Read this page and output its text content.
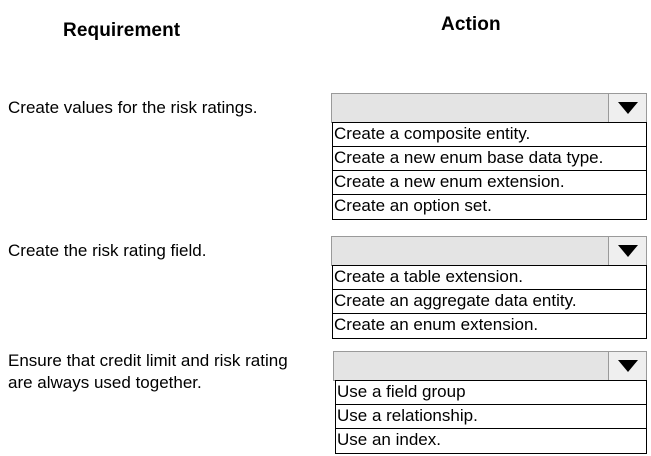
Requirement	Action
Create values for the risk ratings.
Create a composite entity.
Create a new enum base data type.
Create a new enum extension.
Create an option set.
Create the risk rating field.
Create a table extension.
Create an aggregate data entity.
Create an enum extension.
Ensure that credit limit and risk rating
are always used together.	Use a field group
Use a relationship.
Use an index.
